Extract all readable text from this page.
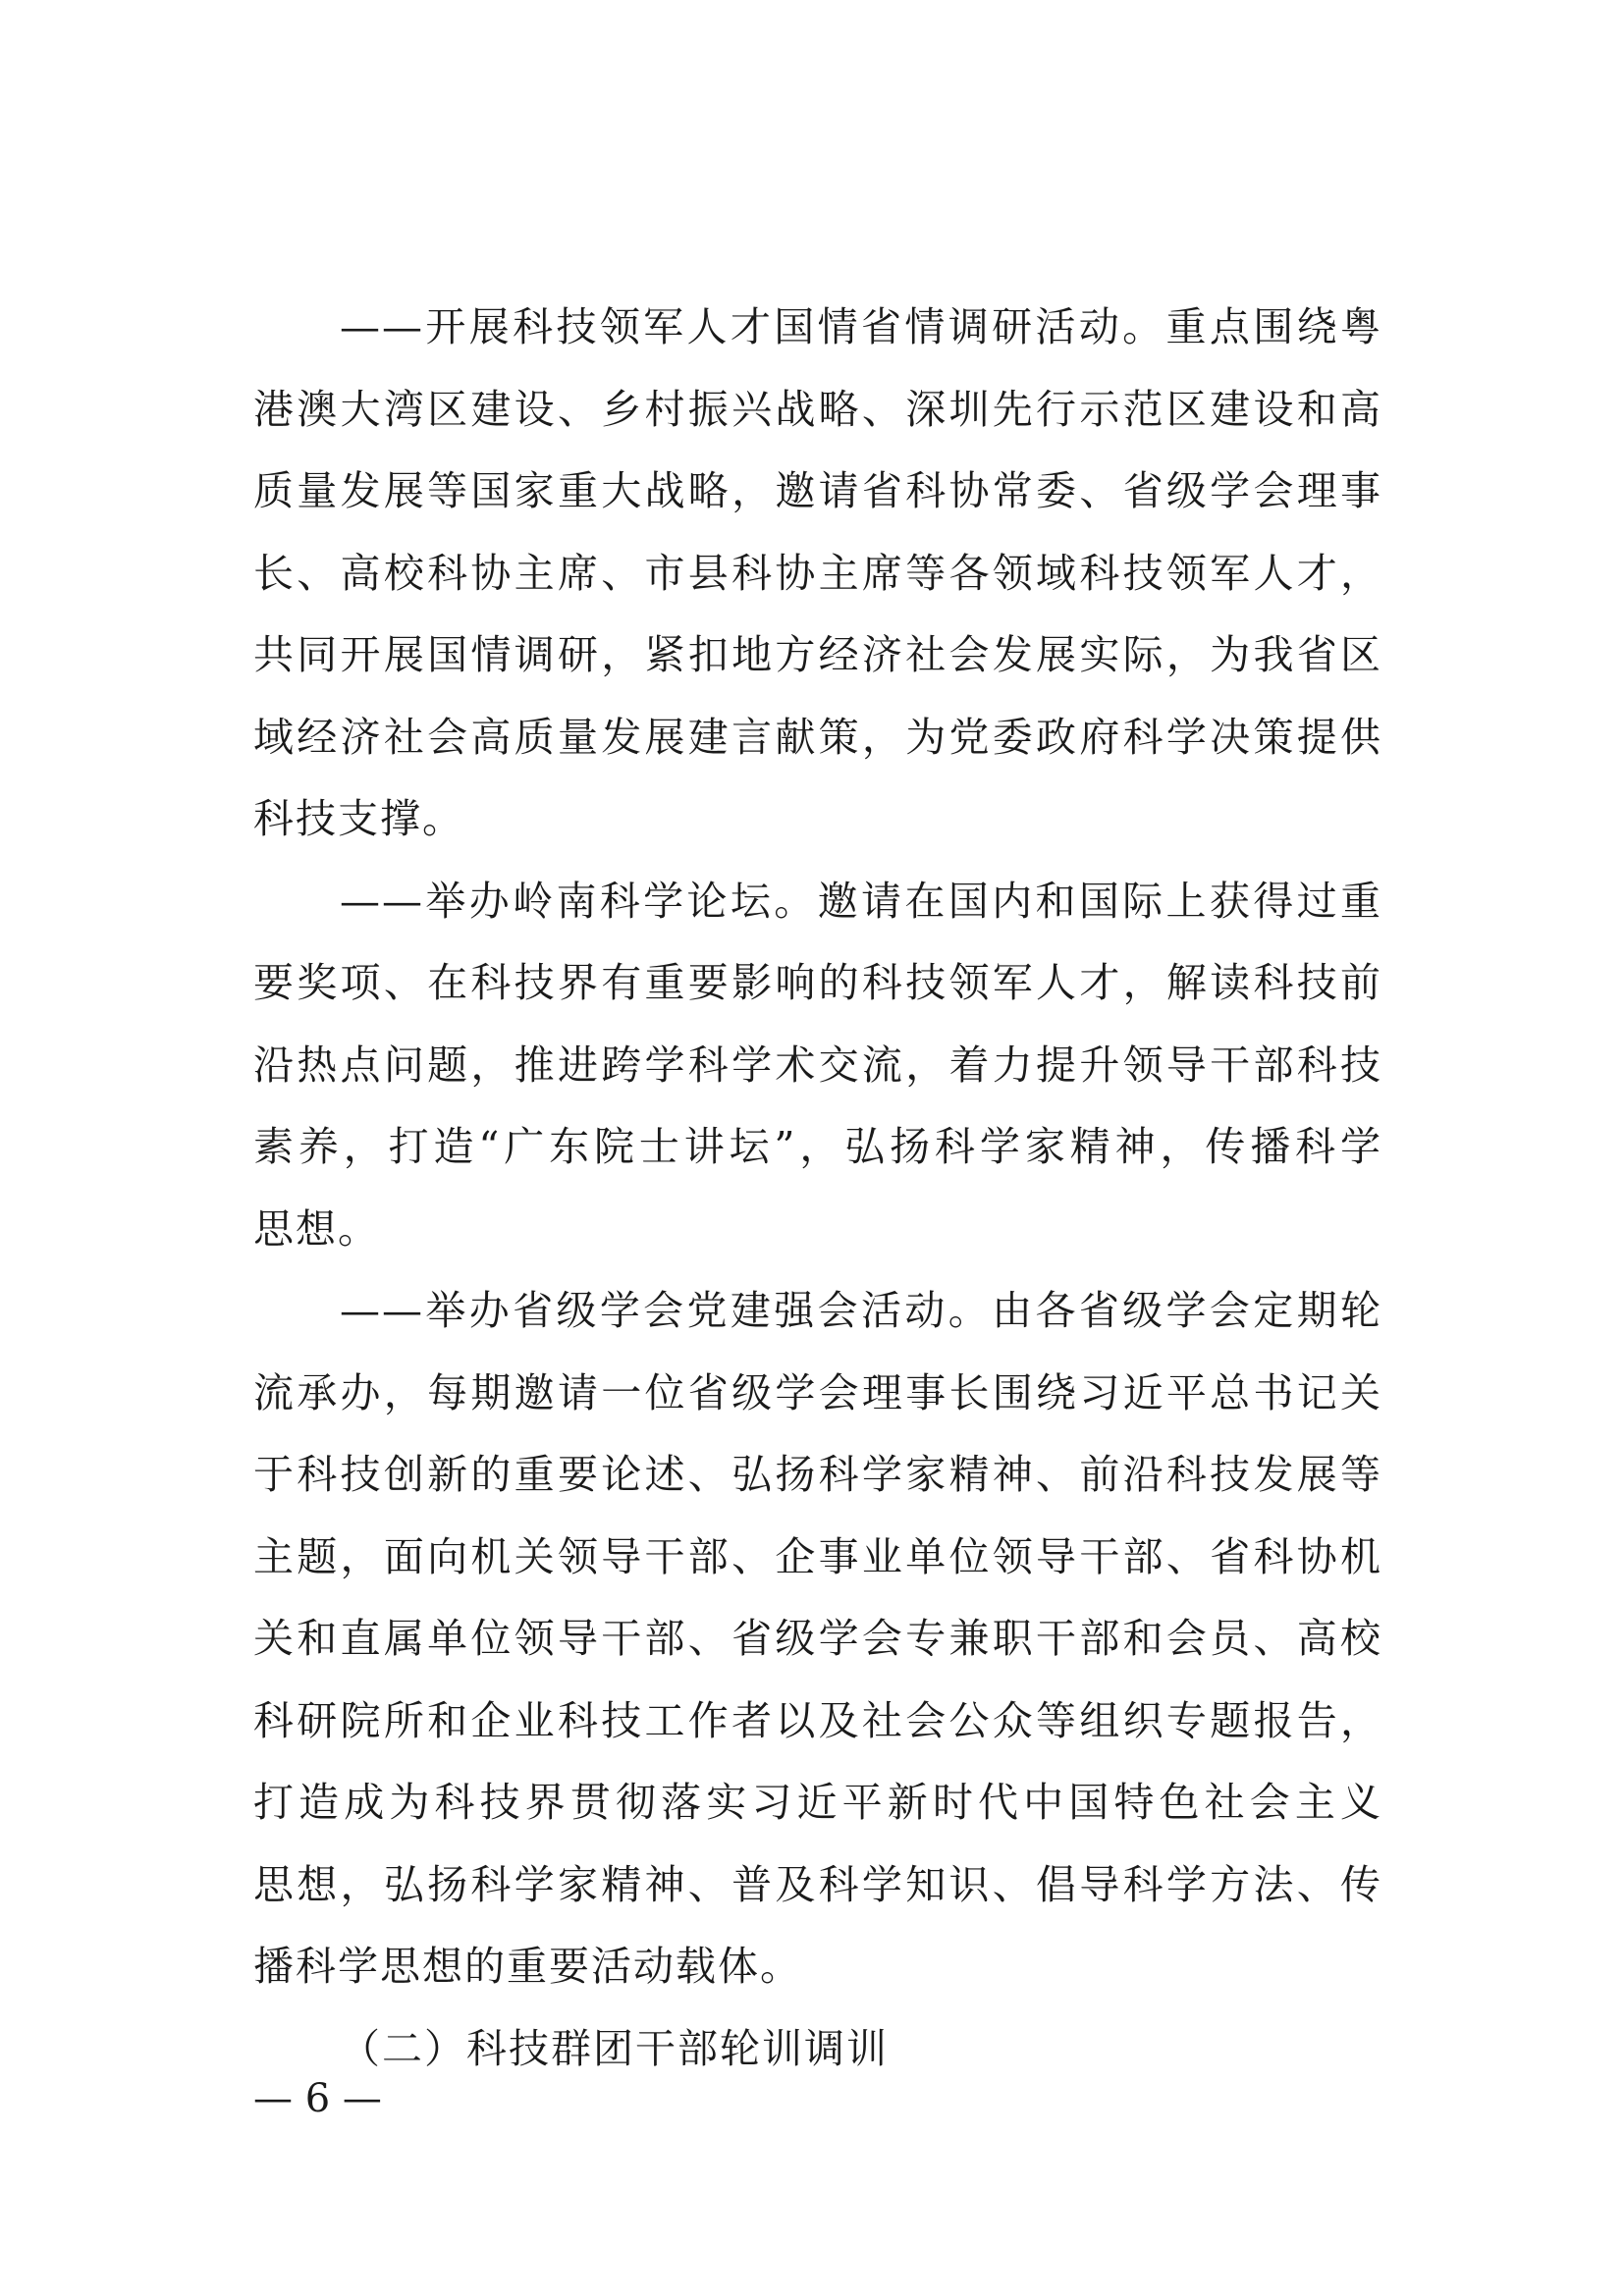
——开展科技领军人才国情省情调研活动。重点围绕粤
港澳大湾区建设、乡村振兴战略、深圳先行示范区建设和高
质量发展等国家重大战略，邀请省科协常委、省级学会理事
长、高校科协主席、市县科协主席等各领域科技领军人才，
共同开展国情调研，紧扣地方经济社会发展实际，为我省区
域经济社会高质量发展建言献策，为党委政府科学决策提供
科技支撑。
——举办岭南科学论坛。邀请在国内和国际上获得过重
要奖项、在科技界有重要影响的科技领军人才，解读科技前
沿热点问题，推进跨学科学术交流，着力提升领导干部科技
素养，打造“广东院士讲坛”，弘扬科学家精神，传播科学
思想。
——举办省级学会党建强会活动。由各省级学会定期轮
流承办，每期邀请一位省级学会理事长围绕习近平总书记关
于科技创新的重要论述、弘扬科学家精神、前沿科技发展等
主题，面向机关领导干部、企事业单位领导干部、省科协机
关和直属单位领导干部、省级学会专兼职干部和会员、高校
科研院所和企业科技工作者以及社会公众等组织专题报告，
打造成为科技界贯彻落实习近平新时代中国特色社会主义
思想，弘扬科学家精神、普及科学知识、倡导科学方法、传
播科学思想的重要活动载体。
（二）科技群团干部轮训调训
— 6 —
